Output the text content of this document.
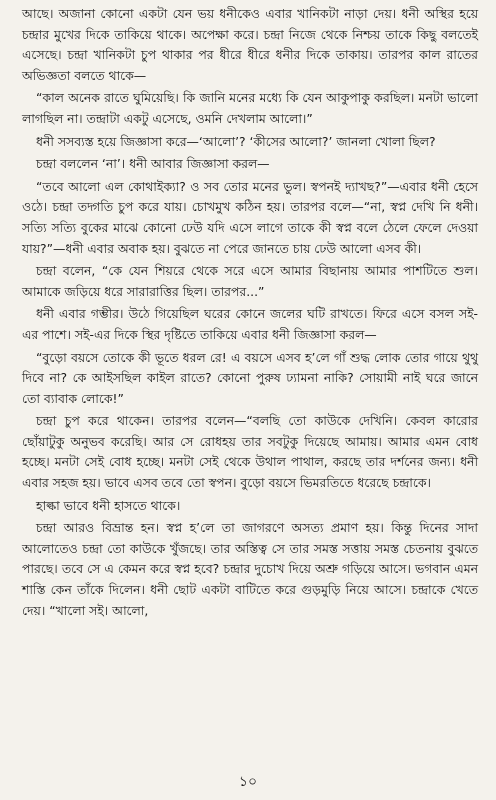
আছে। অজানা কোনো একটা যেন ভয় ধনীকেও এবার খানিকটা নাড়া দেয়। ধনী অস্থির হয়ে চন্দ্রার মুখের দিকে তাকিয়ে থাকে। অপেক্ষা করে। চন্দ্রা নিজে থেকে নিশ্চয় তাকে কিছু বলতেই এসেছে। চন্দ্রা খানিকটা চুপ থাকার পর ধীরে ধীরে ধনীর দিকে তাকায়। তারপর কাল রাতের অভিজ্ঞতা বলতে থাকে—

“কাল অনেক রাতে ঘুমিয়েছি। কি জানি মনের মধ্যে কি যেন আকুপাকু করছিল। মনটা ভালো লাগছিল না। তন্দ্রাটা একটু এসেছে, ওমনি দেখলাম আলো।”

ধনী সসব্যস্ত হয়ে জিজ্ঞাসা করে—‘আলো’? ‘কীসের আলো?’ জানলা খোলা ছিল?

চন্দ্রা বললেন ‘না’। ধনী আবার জিজ্ঞাসা করল—

“তবে আলো এল কোথাইক্যা? ও সব তোর মনের ভুল। স্বপনই দ্যাখছ?”—এবার ধনী হেসে ওঠে। চন্দ্রা তদ্গতি চুপ করে যায়। চোখমুখ কঠিন হয়। তারপর বলে—“না, স্বপ্ন দেখি নি ধনী। সত্যি সত্যি বুকের মাঝে কোনো ঢেউ যদি এসে লাগে তাকে কী স্বপ্ন বলে ঠেলে ফেলে দেওয়া যায়?”—ধনী এবার অবাক হয়। বুঝতে না পেরে জানতে চায় ঢেউ আলো এসব কী।

চন্দ্রা বলেন, “কে যেন শিয়রে থেকে সরে এসে আমার বিছানায় আমার পাশটিতে শুল। আমাকে জড়িয়ে ধরে সারারাত্তির ছিল। তারপর...”

ধনী এবার গম্ভীর। উঠে গিয়েছিল ঘরের কোনে জলের ঘটি রাখতে। ফিরে এসে বসল সই-এর পাশে। সই-এর দিকে স্থির দৃষ্টিতে তাকিয়ে এবার ধনী জিজ্ঞাসা করল—

“বুড়ো বয়সে তোকে কী ভূতে ধরল রে! এ বয়সে এসব হ’লে গাঁ শুদ্ধ লোক তোর গায়ে থুথু দিবে না? কে আইসছিল কাইল রাতে? কোনো পুরুষ ঢ্যামনা নাকি? সোয়ামী নাই ঘরে জানে তো ব্যাবাক লোকে!”

চন্দ্রা চুপ করে থাকেন। তারপর বলেন—“বলছি তো কাউকে দেখিনি। কেবল কারোর ছোঁয়াটুকু অনুভব করেছি। আর সে রোধহয় তার সবটুকু দিয়েছে আমায়। আমার এমন বোধ হচ্ছে। মনটা সেই বোধ হচ্ছে। মনটা সেই থেকে উথাল পাথাল, করছে তার দর্শনের জন্য। ধনী এবার সহজ হয়। ভাবে এসব তবে তো স্বপন। বুড়ো বয়সে ভিমরতিতে ধরেছে চন্দ্রাকে।

হাল্কা ভাবে ধনী হাসতে থাকে।

চন্দ্রা আরও বিভ্রান্ত হন। স্বপ্ন হ’লে তা জাগরণে অসত্য প্রমাণ হয়। কিন্তু দিনের সাদা আলোতেও চন্দ্রা তো কাউকে খুঁজছে। তার অস্তিত্ব সে তার সমস্ত সত্তায় সমস্ত চেতনায় বুঝতে পারছে। তবে সে এ কেমন করে স্বপ্ন হবে? চন্দ্রার দুচোখ দিয়ে অশ্রু গড়িয়ে আসে। ভগবান এমন শাস্তি কেন তাঁকে দিলেন। ধনী ছোট একটা বাটিতে করে গুড়মুড়ি নিয়ে আসে। চন্দ্রাকে খেতে দেয়। “খালো সই। আলো,

১০
